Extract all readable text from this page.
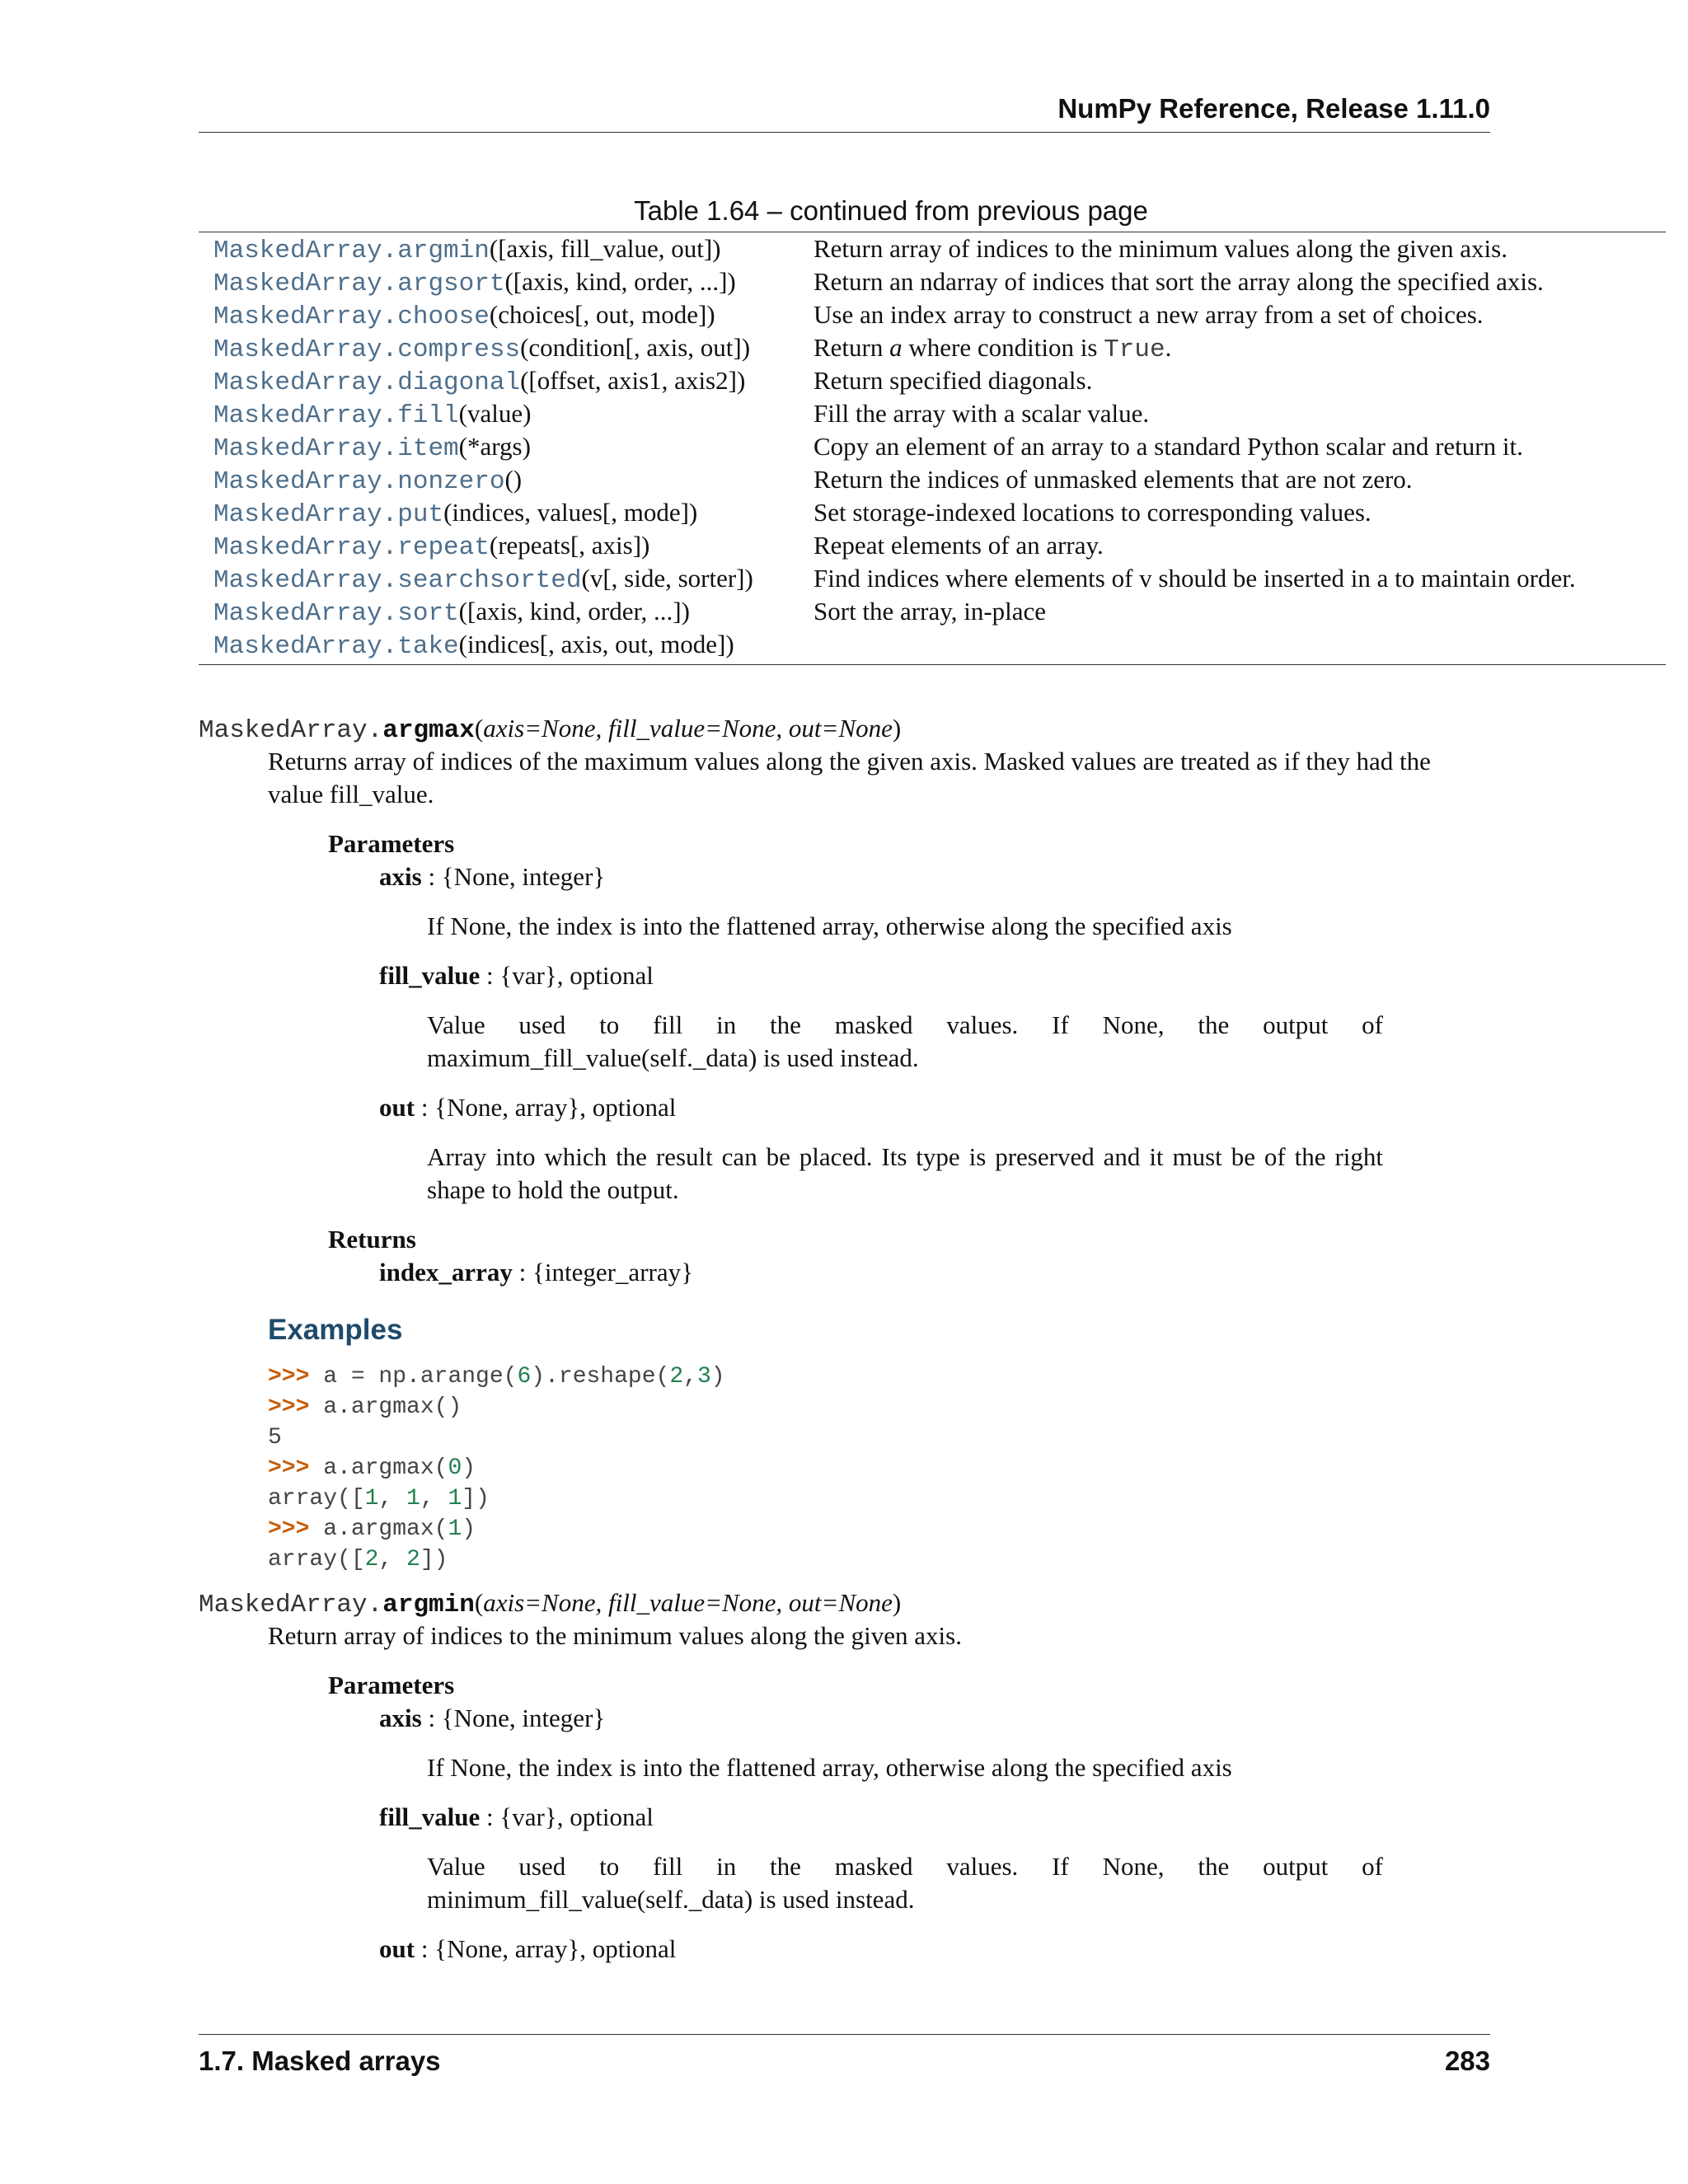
NumPy Reference, Release 1.11.0
Table 1.64 – continued from previous page
MaskedArray.argmin([axis, fill_value, out])	Return array of indices to the minimum values along the given axis.
MaskedArray.argsort([axis, kind, order, ...])	Return an ndarray of indices that sort the array along the specified axis.
MaskedArray.choose(choices[, out, mode])	Use an index array to construct a new array from a set of choices.
MaskedArray.compress(condition[, axis, out])	Return a where condition is True.
MaskedArray.diagonal([offset, axis1, axis2])	Return specified diagonals.
MaskedArray.fill(value)	Fill the array with a scalar value.
MaskedArray.item(*args)	Copy an element of an array to a standard Python scalar and return it.
MaskedArray.nonzero()	Return the indices of unmasked elements that are not zero.
MaskedArray.put(indices, values[, mode])	Set storage-indexed locations to corresponding values.
MaskedArray.repeat(repeats[, axis])	Repeat elements of an array.
MaskedArray.searchsorted(v[, side, sorter])	Find indices where elements of v should be inserted in a to maintain order.
MaskedArray.sort([axis, kind, order, ...])	Sort the array, in-place
MaskedArray.take(indices[, axis, out, mode])
MaskedArray.argmax(axis=None, fill_value=None, out=None)

Returns array of indices of the maximum values along the given axis. Masked values are treated as if they had the value fill_value.

Parameters
axis : {None, integer}
If None, the index is into the flattened array, otherwise along the specified axis
fill_value : {var}, optional
Value used to fill in the masked values. If None, the output of maximum_fill_value(self._data) is used instead.
out : {None, array}, optional
Array into which the result can be placed. Its type is preserved and it must be of the right shape to hold the output.
Returns
index_array : {integer_array}
Examples
>>> a = np.arange(6).reshape(2,3)
>>> a.argmax()
5
>>> a.argmax(0)
array([1, 1, 1])
>>> a.argmax(1)
array([2, 2])
MaskedArray.argmin(axis=None, fill_value=None, out=None)

Return array of indices to the minimum values along the given axis.

Parameters
axis : {None, integer}
If None, the index is into the flattened array, otherwise along the specified axis
fill_value : {var}, optional
Value used to fill in the masked values. If None, the output of minimum_fill_value(self._data) is used instead.
out : {None, array}, optional
1.7. Masked arrays	283
